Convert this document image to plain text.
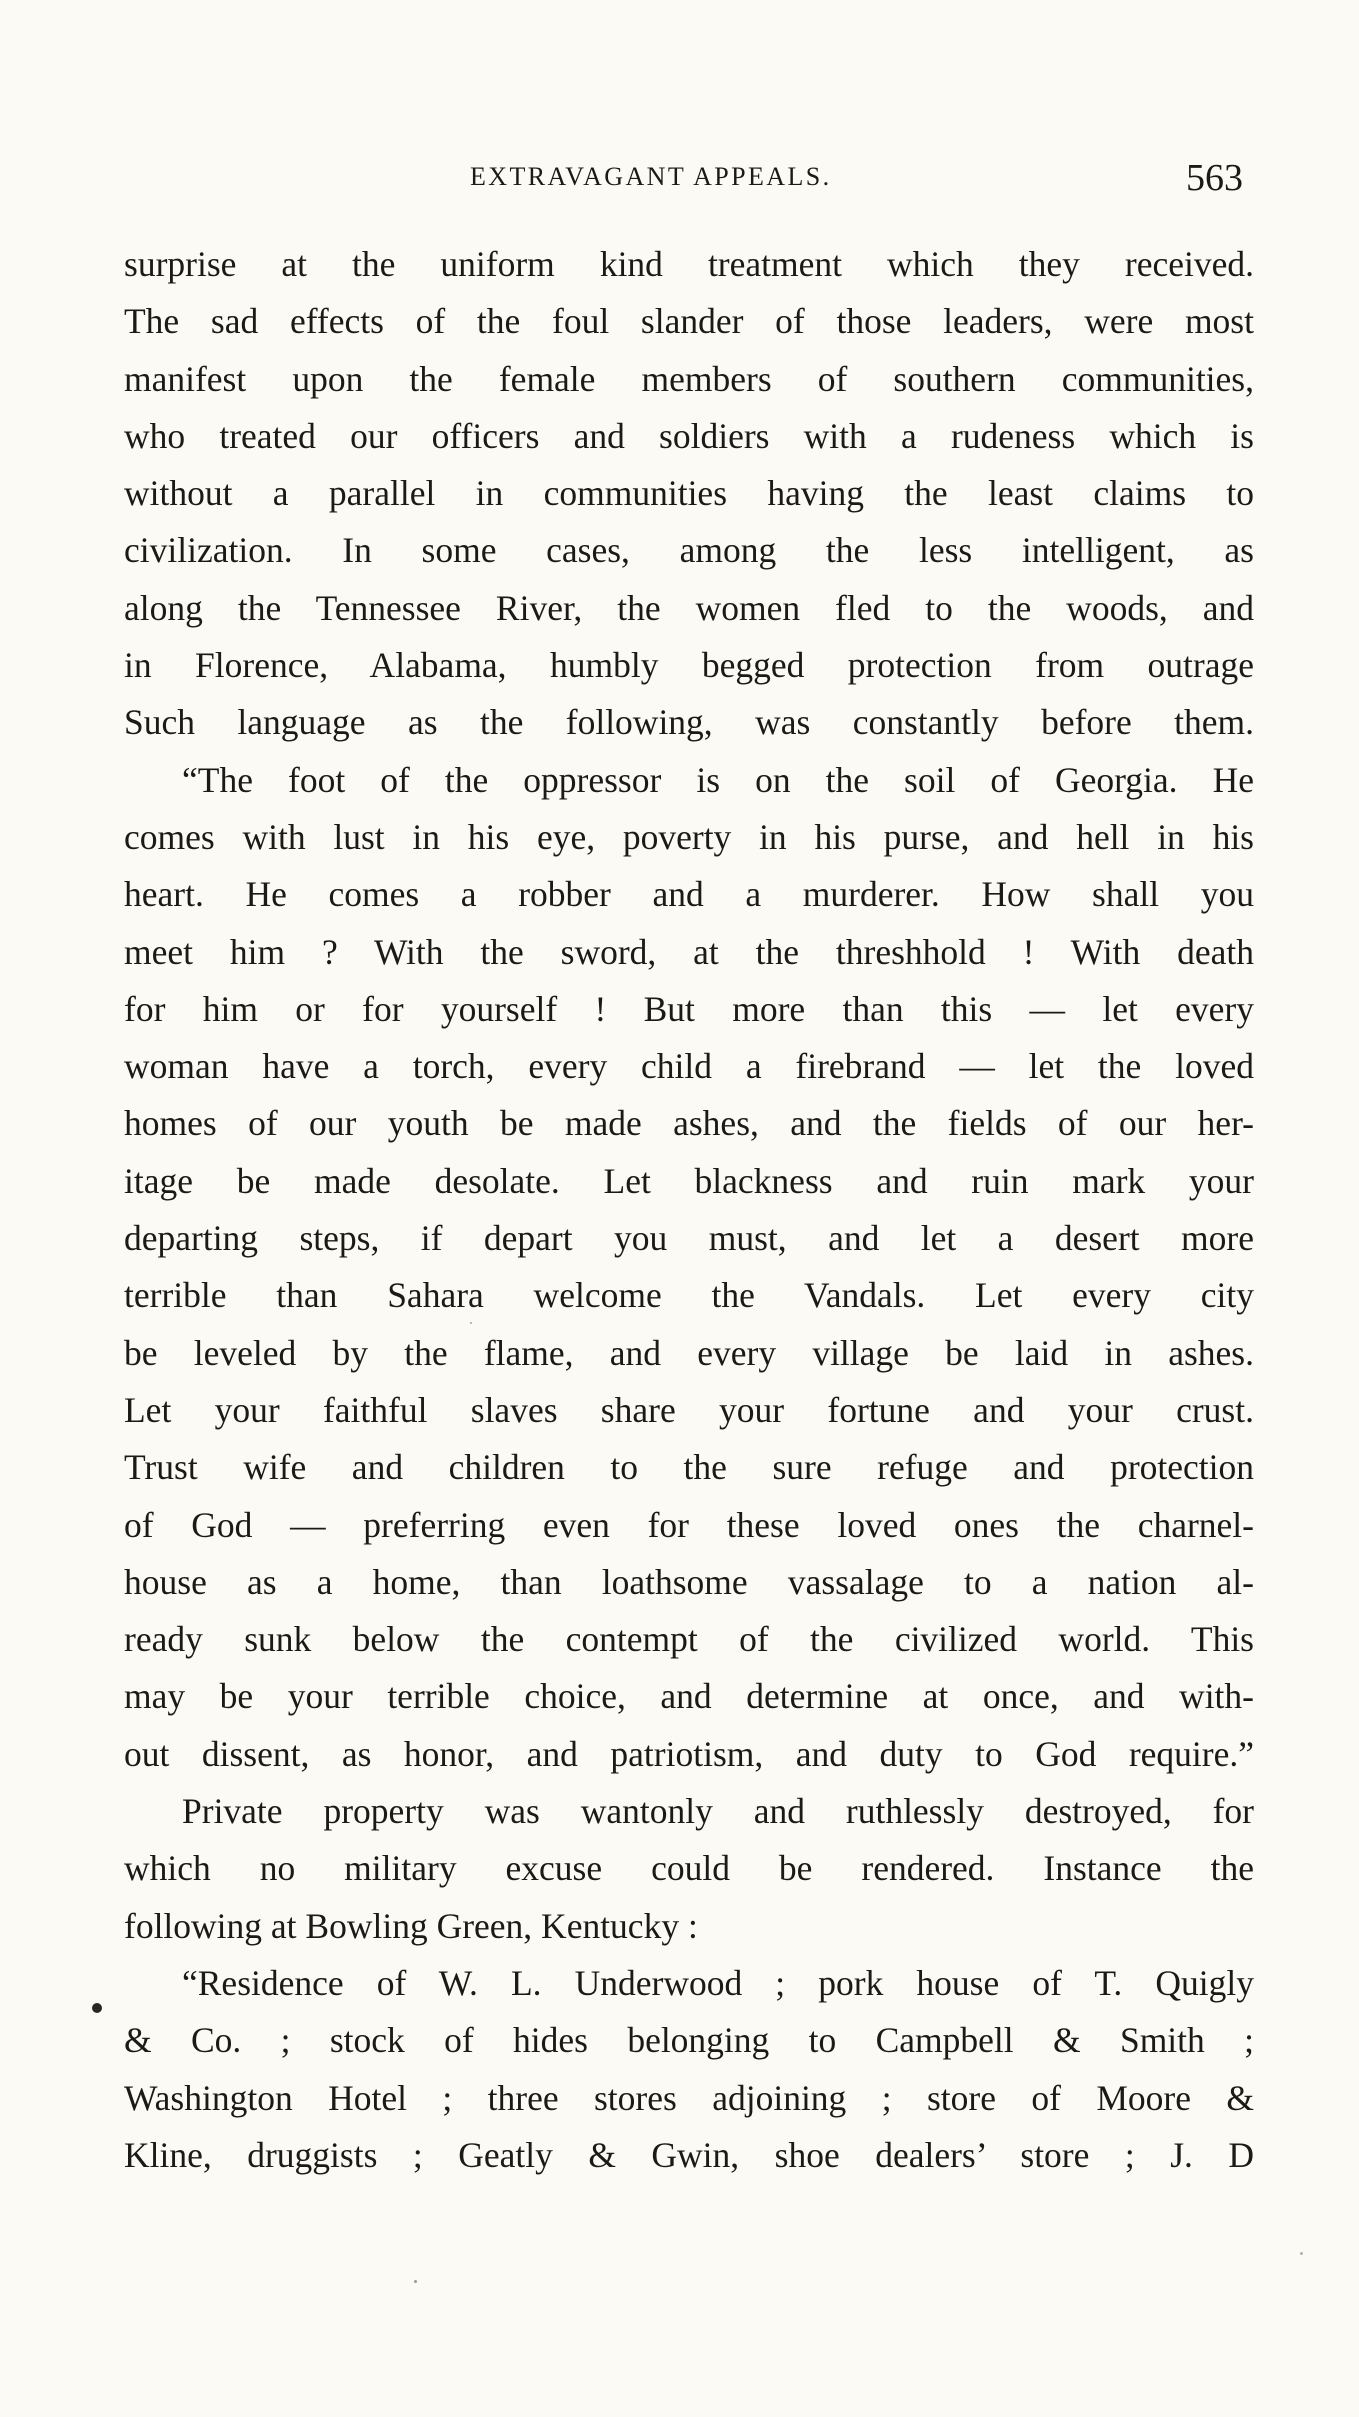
EXTRAVAGANT APPEALS.	563
surprise at the uniform kind treatment which they received.
The sad effects of the foul slander of those leaders, were most
manifest upon the female members of southern communities,
who treated our officers and soldiers with a rudeness which is
without a parallel in communities having the least claims to
civilization. In some cases, among the less intelligent, as
along the Tennessee River, the women fled to the woods, and
in Florence, Alabama, humbly begged protection from outrage
Such language as the following, was constantly before them.
“The foot of the oppressor is on the soil of Georgia. He
comes with lust in his eye, poverty in his purse, and hell in his
heart. He comes a robber and a murderer. How shall you
meet him ? With the sword, at the threshhold ! With death
for him or for yourself ! But more than this — let every
woman have a torch, every child a firebrand — let the loved
homes of our youth be made ashes, and the fields of our her-
itage be made desolate. Let blackness and ruin mark your
departing steps, if depart you must, and let a desert more
terrible than Sahara welcome the Vandals. Let every city
be leveled by the flame, and every village be laid in ashes.
Let your faithful slaves share your fortune and your crust.
Trust wife and children to the sure refuge and protection
of God — preferring even for these loved ones the charnel-
house as a home, than loathsome vassalage to a nation al-
ready sunk below the contempt of the civilized world. This
may be your terrible choice, and determine at once, and with-
out dissent, as honor, and patriotism, and duty to God require.”
Private property was wantonly and ruthlessly destroyed, for
which no military excuse could be rendered. Instance the
following at Bowling Green, Kentucky :
“Residence of W. L. Underwood ; pork house of T. Quigly
& Co. ; stock of hides belonging to Campbell & Smith ;
Washington Hotel ; three stores adjoining ; store of Moore &
Kline, druggists ; Geatly & Gwin, shoe dealers’ store ; J. D
